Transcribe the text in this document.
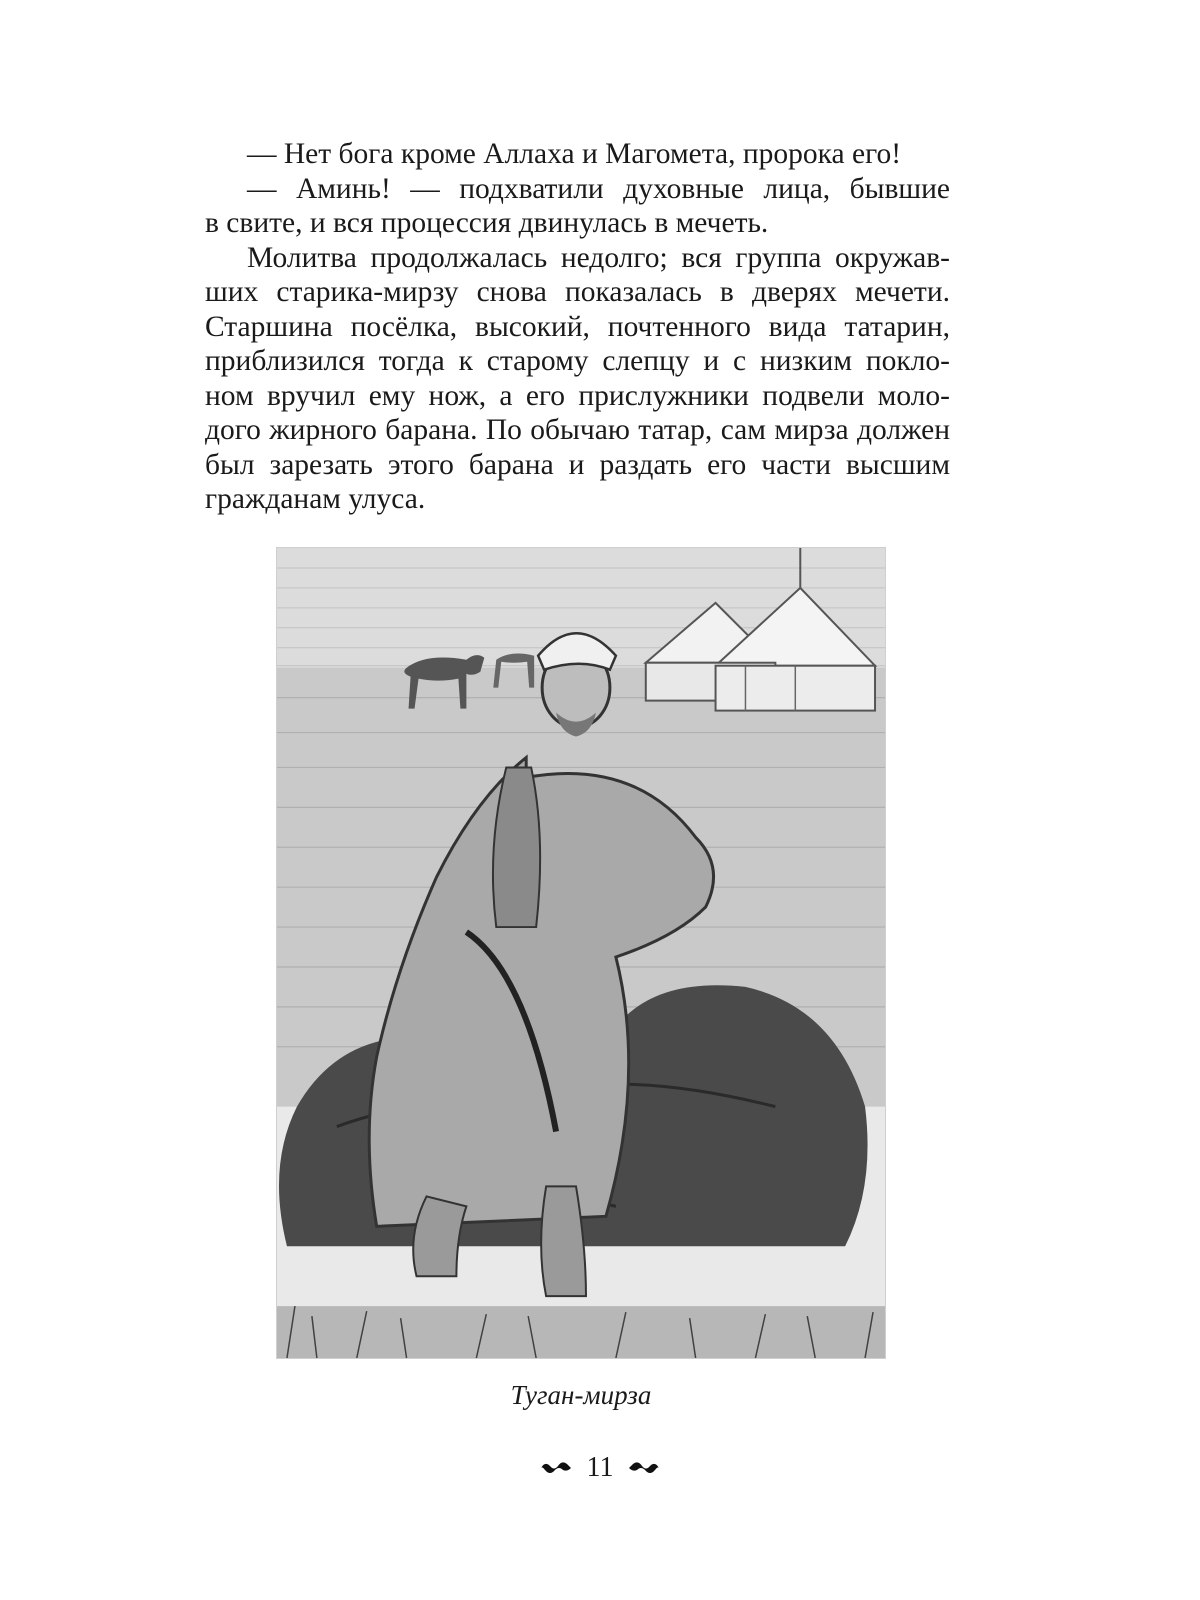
— Нет бога кроме Аллаха и Магомета, пророка его!
— Аминь! — подхватили духовные лица, бывшие
в свите, и вся процессия двинулась в мечеть.
Молитва продолжалась недолго; вся группа окружав-
ших старика-мирзу снова показалась в дверях мечети.
Старшина посёлка, высокий, почтенного вида татарин,
приблизился тогда к старому слепцу и с низким покло-
ном вручил ему нож, а его прислужники подвели моло-
дого жирного барана. По обычаю татар, сам мирза должен
был зарезать этого барана и раздать его части высшим
гражданам улуса.
Туган-мирза
11
